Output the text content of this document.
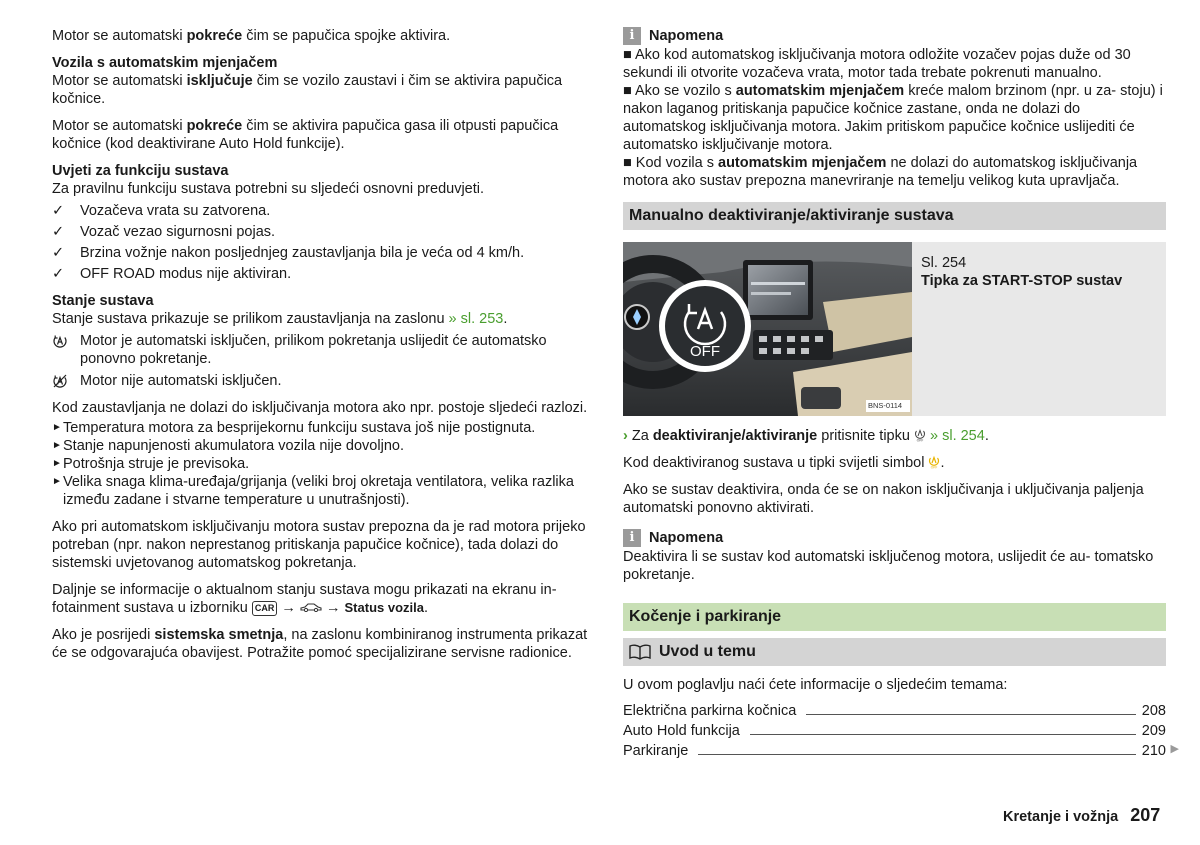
Motor se automatski pokreće čim se papučica spojke aktivira.

Vozila s automatskim mjenjačem

Motor se automatski isključuje čim se vozilo zaustavi i čim se aktivira papučica kočnice.

Motor se automatski pokreće čim se aktivira papučica gasa ili otpusti papučica kočnice (kod deaktivirane Auto Hold funkcije).

Uvjeti za funkciju sustava

Za pravilnu funkciju sustava potrebni su sljedeći osnovni preduvjeti.

✓ Vozačeva vrata su zatvorena.
✓ Vozač vezao sigurnosni pojas.
✓ Brzina vožnje nakon posljednjeg zaustavljanja bila je veća od 4 km/h.
✓ OFF ROAD modus nije aktiviran.

Stanje sustava

Stanje sustava prikazuje se prilikom zaustavljanja na zaslonu » sl. 253.

Motor je automatski isključen, prilikom pokretanja uslijedit će automatsko ponovno pokretanje.
Motor nije automatski isključen.

Kod zaustavljanja ne dolazi do isključivanja motora ako npr. postoje sljedeći razlozi.

► Temperatura motora za besprijekornu funkciju sustava još nije postignuta.
► Stanje napunjenosti akumulatora vozila nije dovoljno.
► Potrošnja struje je previsoka.
► Velika snaga klima-uređaja/grijanja (veliki broj okretaja ventilatora, velika razlika između zadane i stvarne temperature u unutrašnjosti).

Ako pri automatskom isključivanju motora sustav prepozna da je rad motora prijeko potreban (npr. nakon neprestanog pritiskanja papučice kočnice), tada dolazi do sistemski uvjetovanog automatskog pokretanja.

Daljnje se informacije o aktualnom stanju sustava mogu prikazati na ekranu in- fotainment sustava u izborniku CAR → → Status vozila.

Ako je posrijedi sistemska smetnja, na zaslonu kombiniranog instrumenta prikazat će se odgovarajuća obavijest. Potražite pomoć specijalizirane servisne radionice.

i	Napomena
■ Ako kod automatskog isključivanja motora odložite vozačev pojas duže od 30 sekundi ili otvorite vozačeva vrata, motor tada trebate pokrenuti manualno.
■ Ako se vozilo s automatskim mjenjačem kreće malom brzinom (npr. u za- stoju) i nakon laganog pritiskanja papučice kočnice zastane, onda ne dolazi do automatskog isključivanja motora. Jakim pritiskom papučice kočnice uslijediti će automatsko isključivanje motora.
■ Kod vozila s automatskim mjenjačem ne dolazi do automatskog isključivanja motora ako sustav prepozna manevriranje na temelju velikog kuta upravljača.
Manualno deaktiviranje/aktiviranje sustava
OFF
BNS-0114
Sl. 254
Tipka za START-STOP sustav

› Za deaktiviranje/aktiviranje pritisnite tipku OFF » sl. 254.

Kod deaktiviranog sustava u tipki svijetli simbol OFF .

Ako se sustav deaktivira, onda će se on nakon isključivanja i uključivanja paljenja automatski ponovno aktivirati.

i	Napomena

Deaktivira li se sustav kod automatski isključenog motora, uslijedit će au- tomatsko pokretanje.

Kočenje i parkiranje
Uvod u temu

U ovom poglavlju naći ćete informacije o sljedećim temama:

Električna parkirna kočnica	208
Auto Hold funkcija	209
Parkiranje	210 ▶
Kretanje i vožnja 207
